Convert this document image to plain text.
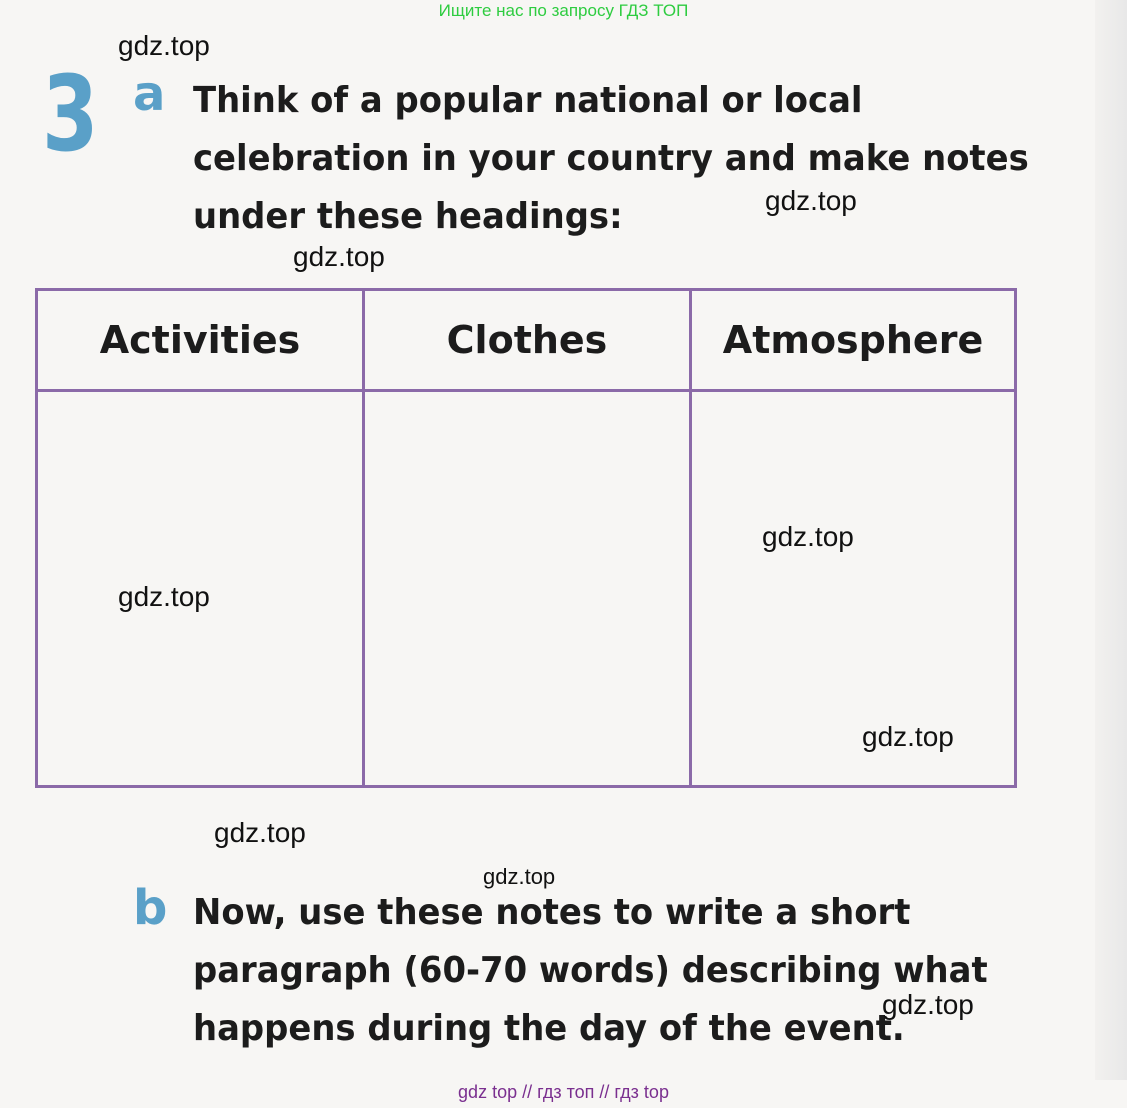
Ищите нас по запросу ГДЗ ТОП
3 a Think of a popular national or local
celebration in your country and make notes
under these headings:
Activities	Clothes	Atmosphere
b Now, use these notes to write a short
paragraph (60-70 words) describing what
happens during the day of the event.
gdz.top
gdz.top
gdz.top
gdz.top
gdz.top
gdz.top
gdz.top
gdz.top
gdz.top
gdz top // гдз топ // гдз top
